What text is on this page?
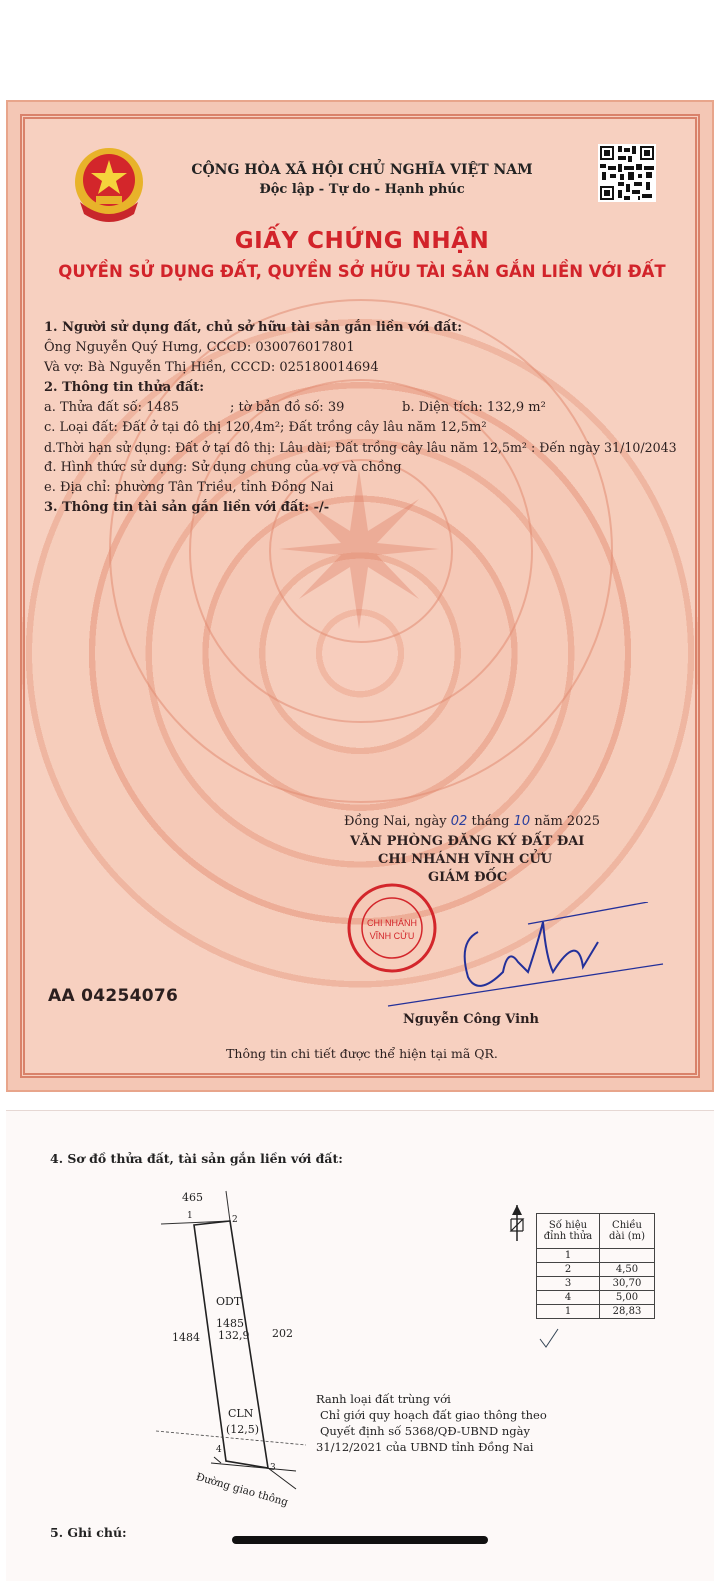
CỘNG HÒA XÃ HỘI CHỦ NGHĨA VIỆT NAM
Độc lập - Tự do - Hạnh phúc
GIẤY CHỨNG NHẬN
QUYỀN SỬ DỤNG ĐẤT, QUYỀN SỞ HỮU TÀI SẢN GẮN LIỀN VỚI ĐẤT
1. Người sử dụng đất, chủ sở hữu tài sản gắn liền với đất:
Ông Nguyễn Quý Hưng, CCCD: 030076017801
Và vợ: Bà Nguyễn Thị Hiền, CCCD: 025180014694
2. Thông tin thửa đất:
a. Thửa đất số: 1485	; tờ bản đồ số: 39	b. Diện tích: 132,9 m²
c. Loại đất: Đất ở tại đô thị 120,4m²; Đất trồng cây lâu năm 12,5m²
d.Thời hạn sử dụng: Đất ở tại đô thị: Lâu dài; Đất trồng cây lâu năm 12,5m² : Đến ngày 31/10/2043
đ. Hình thức sử dụng: Sử dụng chung của vợ và chồng
e. Địa chỉ: phường Tân Triều, tỉnh Đồng Nai
3. Thông tin tài sản gắn liền với đất: -/-
Đồng Nai, ngày 02 tháng 10 năm 2025
VĂN PHÒNG ĐĂNG KÝ ĐẤT ĐAI
CHI NHÁNH VĨNH CỬU
GIÁM ĐỐC
CHI NHÁNH
VĨNH CỬU
AA 04254076
Nguyễn Công Vinh
Thông tin chi tiết được thể hiện tại mã QR.
4. Sơ đồ thửa đất, tài sản gắn liền với đất:
465
1	2
ODT
1485
132,9
1484	202
CLN
(12,5)
4
3
Đường giao thông
Số hiệu đỉnh thửa	Chiều dài (m)
1	
2	4,50
3	30,70
4	5,00
1	28,83
Ranh loại đất trùng với
Chỉ giới quy hoạch đất giao thông theo
Quyết định số 5368/QĐ-UBND ngày
31/12/2021 của UBND tỉnh Đồng Nai
5. Ghi chú:
